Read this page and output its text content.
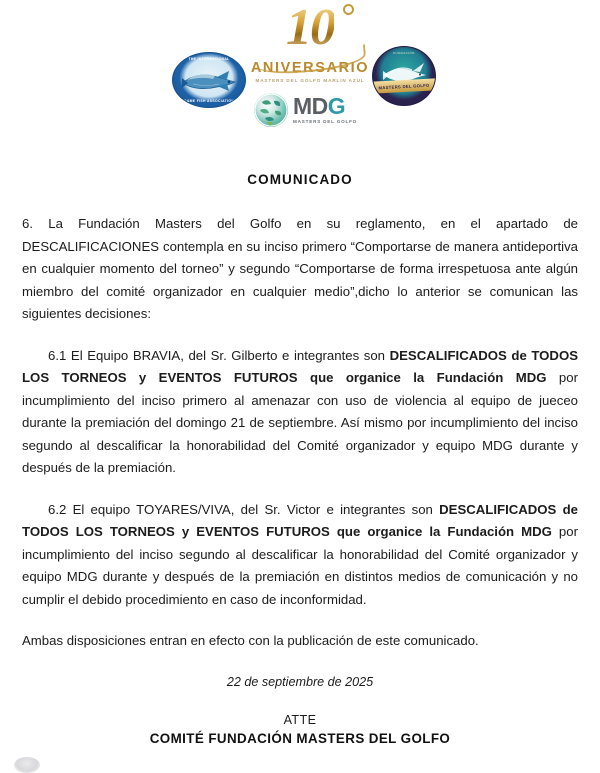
THE INTERNATIONAL
GAME FISH ASSOCIATION
10
ANIVERSARIO
MASTERS DEL GOLFO MARLIN AZUL
FUNDACIÓN
MASTERS DEL GOLFO
MDG
MASTERS DEL GOLFO
COMUNICADO

6. La Fundación Masters del Golfo en su reglamento, en el apartado de DESCALIFICACIONES contempla en su inciso primero “Comportarse de manera antideportiva en cualquier momento del torneo” y segundo “Comportarse de forma irrespetuosa ante algún miembro del comité organizador en cualquier medio”,dicho lo anterior se comunican las siguientes decisiones:

6.1 El Equipo BRAVIA, del Sr. Gilberto e integrantes son DESCALIFICADOS de TODOS LOS TORNEOS y EVENTOS FUTUROS que organice la Fundación MDG por incumplimiento del inciso primero al amenazar con uso de violencia al equipo de jueceo durante la premiación del domingo 21 de septiembre. Así mismo por incumplimiento del inciso segundo al descalificar la honorabilidad del Comité organizador y equipo MDG durante y después de la premiación.

6.2 El equipo TOYARES/VIVA, del Sr. Victor e integrantes son DESCALIFICADOS de TODOS LOS TORNEOS y EVENTOS FUTUROS que organice la Fundación MDG por incumplimiento del inciso segundo al descalificar la honorabilidad del Comité organizador y equipo MDG durante y después de la premiación en distintos medios de comunicación y no cumplir el debido procedimiento en caso de inconformidad.

Ambas disposiciones entran en efecto con la publicación de este comunicado.

22 de septiembre de 2025
ATTE
COMITÉ FUNDACIÓN MASTERS DEL GOLFO
